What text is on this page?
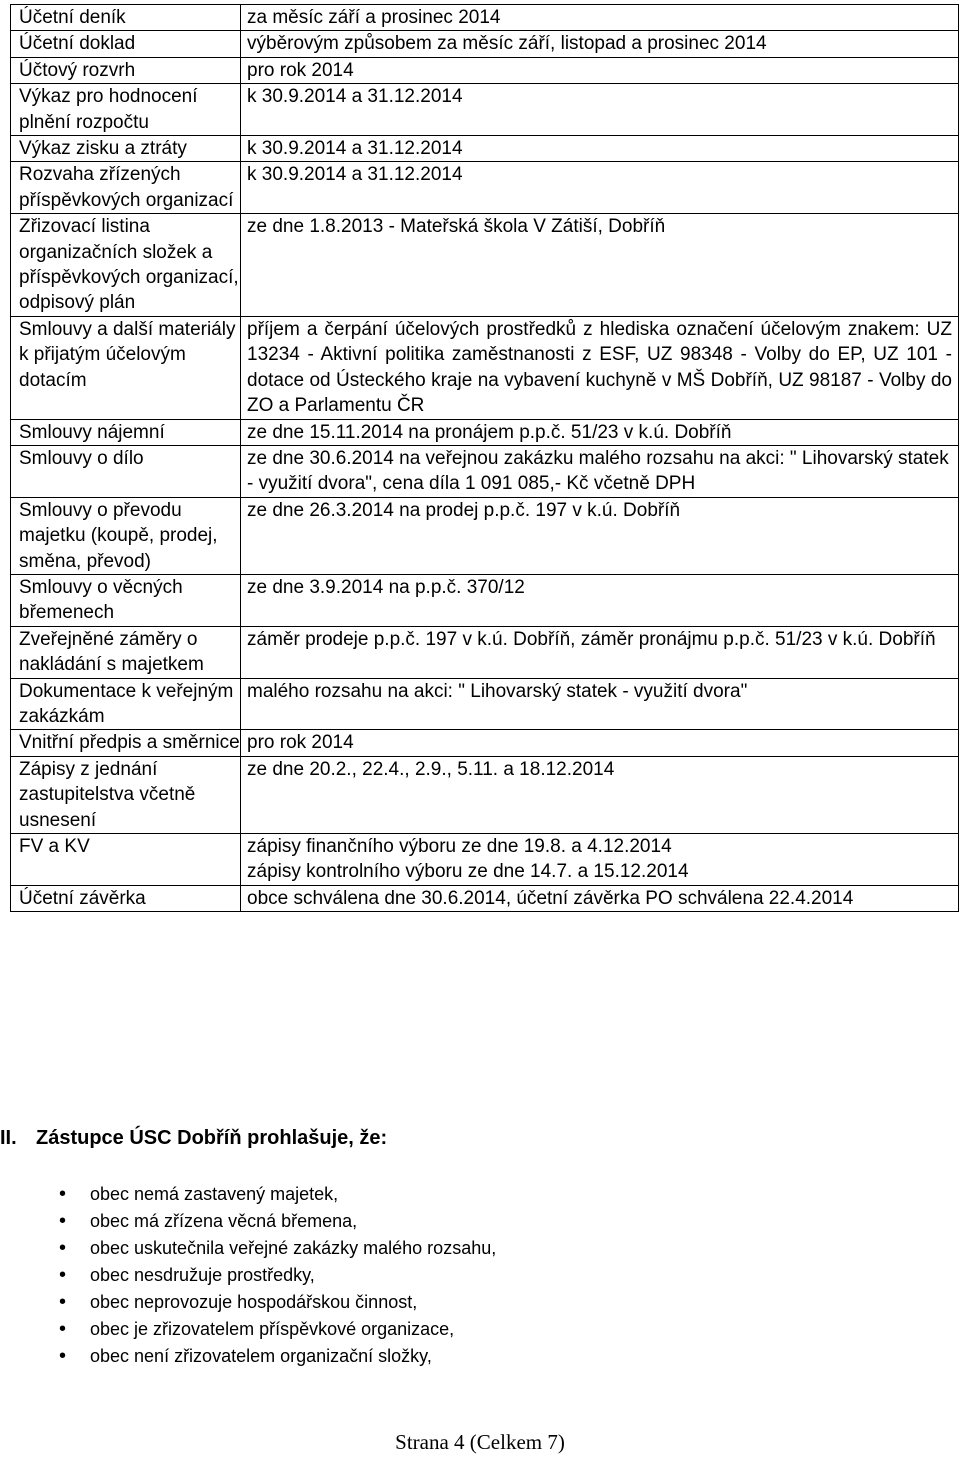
Účetní deník	za měsíc září a prosinec 2014
Účetní doklad	výběrovým způsobem za měsíc září, listopad a prosinec 2014
Účtový rozvrh	pro rok 2014
Výkaz pro hodnocení plnění rozpočtu	k 30.9.2014 a 31.12.2014
Výkaz zisku a ztráty	k 30.9.2014 a 31.12.2014
Rozvaha zřízených příspěvkových organizací	k 30.9.2014 a 31.12.2014
Zřizovací listina organizačních složek a příspěvkových organizací, odpisový plán	ze dne 1.8.2013 - Mateřská škola V Zátiší, Dobříň
Smlouvy a další materiály k přijatým účelovým dotacím	příjem a čerpání účelových prostředků z hlediska označení účelovým znakem: UZ 13234 - Aktivní politika zaměstnanosti z ESF, UZ 98348 - Volby do EP, UZ 101 - dotace od Ústeckého kraje na vybavení kuchyně v MŠ Dobříň, UZ 98187 - Volby do ZO a Parlamentu ČR
Smlouvy nájemní	ze dne 15.11.2014 na pronájem p.p.č. 51/23 v k.ú. Dobříň
Smlouvy o dílo	ze dne 30.6.2014 na veřejnou zakázku malého rozsahu na akci: " Lihovarský statek - využití dvora", cena díla 1 091 085,- Kč včetně DPH
Smlouvy o převodu majetku (koupě, prodej, směna, převod)	ze dne 26.3.2014 na prodej p.p.č. 197 v k.ú. Dobříň
Smlouvy o věcných břemenech	ze dne 3.9.2014 na p.p.č. 370/12
Zveřejněné záměry o nakládání s majetkem	záměr prodeje p.p.č. 197 v k.ú. Dobříň, záměr pronájmu p.p.č. 51/23 v k.ú. Dobříň
Dokumentace k veřejným zakázkám	malého rozsahu na akci: " Lihovarský statek - využití dvora"
Vnitřní předpis a směrnice	pro rok 2014
Zápisy z jednání zastupitelstva včetně usnesení	ze dne 20.2., 22.4., 2.9., 5.11. a 18.12.2014
FV a KV	zápisy finančního výboru ze dne 19.8. a 4.12.2014
zápisy kontrolního výboru ze dne 14.7. a 15.12.2014

Účetní závěrka	obce schválena dne 30.6.2014, účetní závěrka PO schválena 22.4.2014
II. Zástupce ÚSC Dobříň prohlašuje, že:
• obec nemá zastavený majetek,
• obec má zřízena věcná břemena,
• obec uskutečnila veřejné zakázky malého rozsahu,
• obec nesdružuje prostředky,
• obec neprovozuje hospodářskou činnost,
• obec je zřizovatelem příspěvkové organizace,
• obec není zřizovatelem organizační složky,
Strana 4 (Celkem 7)
